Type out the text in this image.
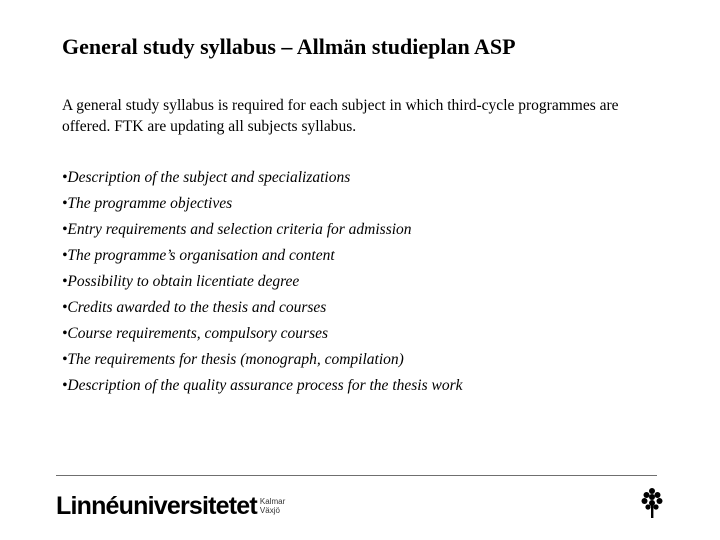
General study syllabus – Allmän studieplan ASP
A general study syllabus is required for each subject in which third-cycle programmes are offered. FTK are updating all subjects syllabus.
•Description of the subject and specializations
•The programme objectives
•Entry requirements and selection criteria for admission
•The programme’s organisation and content
•Possibility to obtain licentiate degree
•Credits awarded to the thesis and courses
•Course requirements, compulsory courses
•The requirements for thesis (monograph, compilation)
•Description of the quality assurance process for the thesis work
Linnéuniversitetet Kalmar
Växjö
